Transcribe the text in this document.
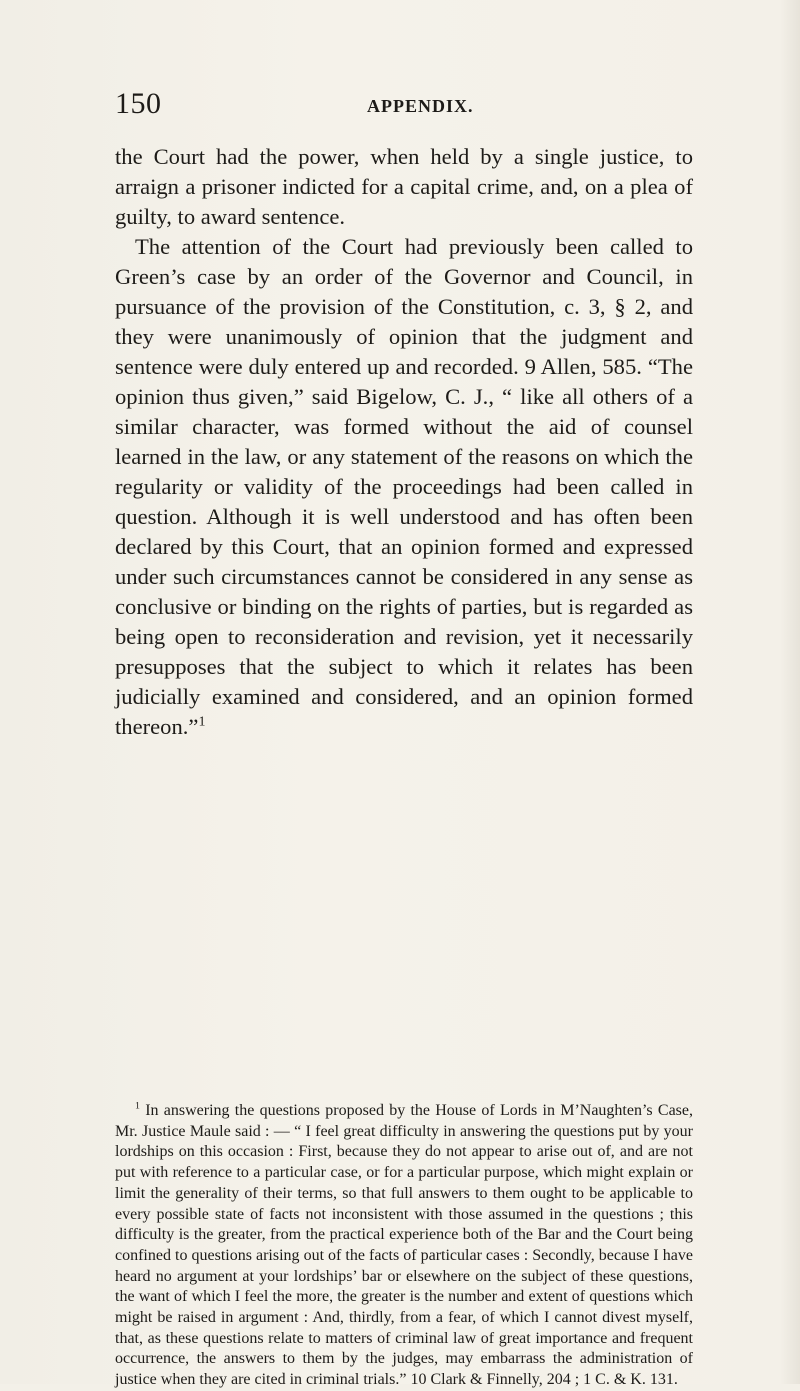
150	APPENDIX.

the Court had the power, when held by a single justice, to arraign a prisoner indicted for a capital crime, and, on a plea of guilty, to award sentence.

The attention of the Court had previously been called to Green’s case by an order of the Governor and Council, in pursuance of the provision of the Constitution, c. 3, § 2, and they were unanimously of opinion that the judgment and sentence were duly entered up and recorded. 9 Allen, 585. “The opinion thus given,” said Bigelow, C. J., “ like all others of a similar character, was formed without the aid of counsel learned in the law, or any statement of the reasons on which the regularity or validity of the proceedings had been called in question. Although it is well understood and has often been declared by this Court, that an opinion formed and expressed under such circumstances cannot be considered in any sense as conclusive or binding on the rights of parties, but is regarded as being open to reconsideration and revision, yet it necessarily presupposes that the subject to which it relates has been judicially examined and considered, and an opinion formed thereon.”$^1$

$^1$ In answering the questions proposed by the House of Lords in M’Naughten’s Case, Mr. Justice Maule said : — “ I feel great difficulty in answering the questions put by your lordships on this occasion : First, because they do not appear to arise out of, and are not put with reference to a particular case, or for a particular purpose, which might explain or limit the generality of their terms, so that full answers to them ought to be applicable to every possible state of facts not inconsistent with those assumed in the questions ; this difficulty is the greater, from the practical experience both of the Bar and the Court being confined to questions arising out of the facts of particular cases : Secondly, because I have heard no argument at your lordships’ bar or elsewhere on the subject of these questions, the want of which I feel the more, the greater is the number and extent of questions which might be raised in argument : And, thirdly, from a fear, of which I cannot divest myself, that, as these questions relate to matters of criminal law of great importance and frequent occurrence, the answers to them by the judges, may embarrass the administration of justice when they are cited in criminal trials.” 10 Clark & Finnelly, 204 ; 1 C. & K. 131.
